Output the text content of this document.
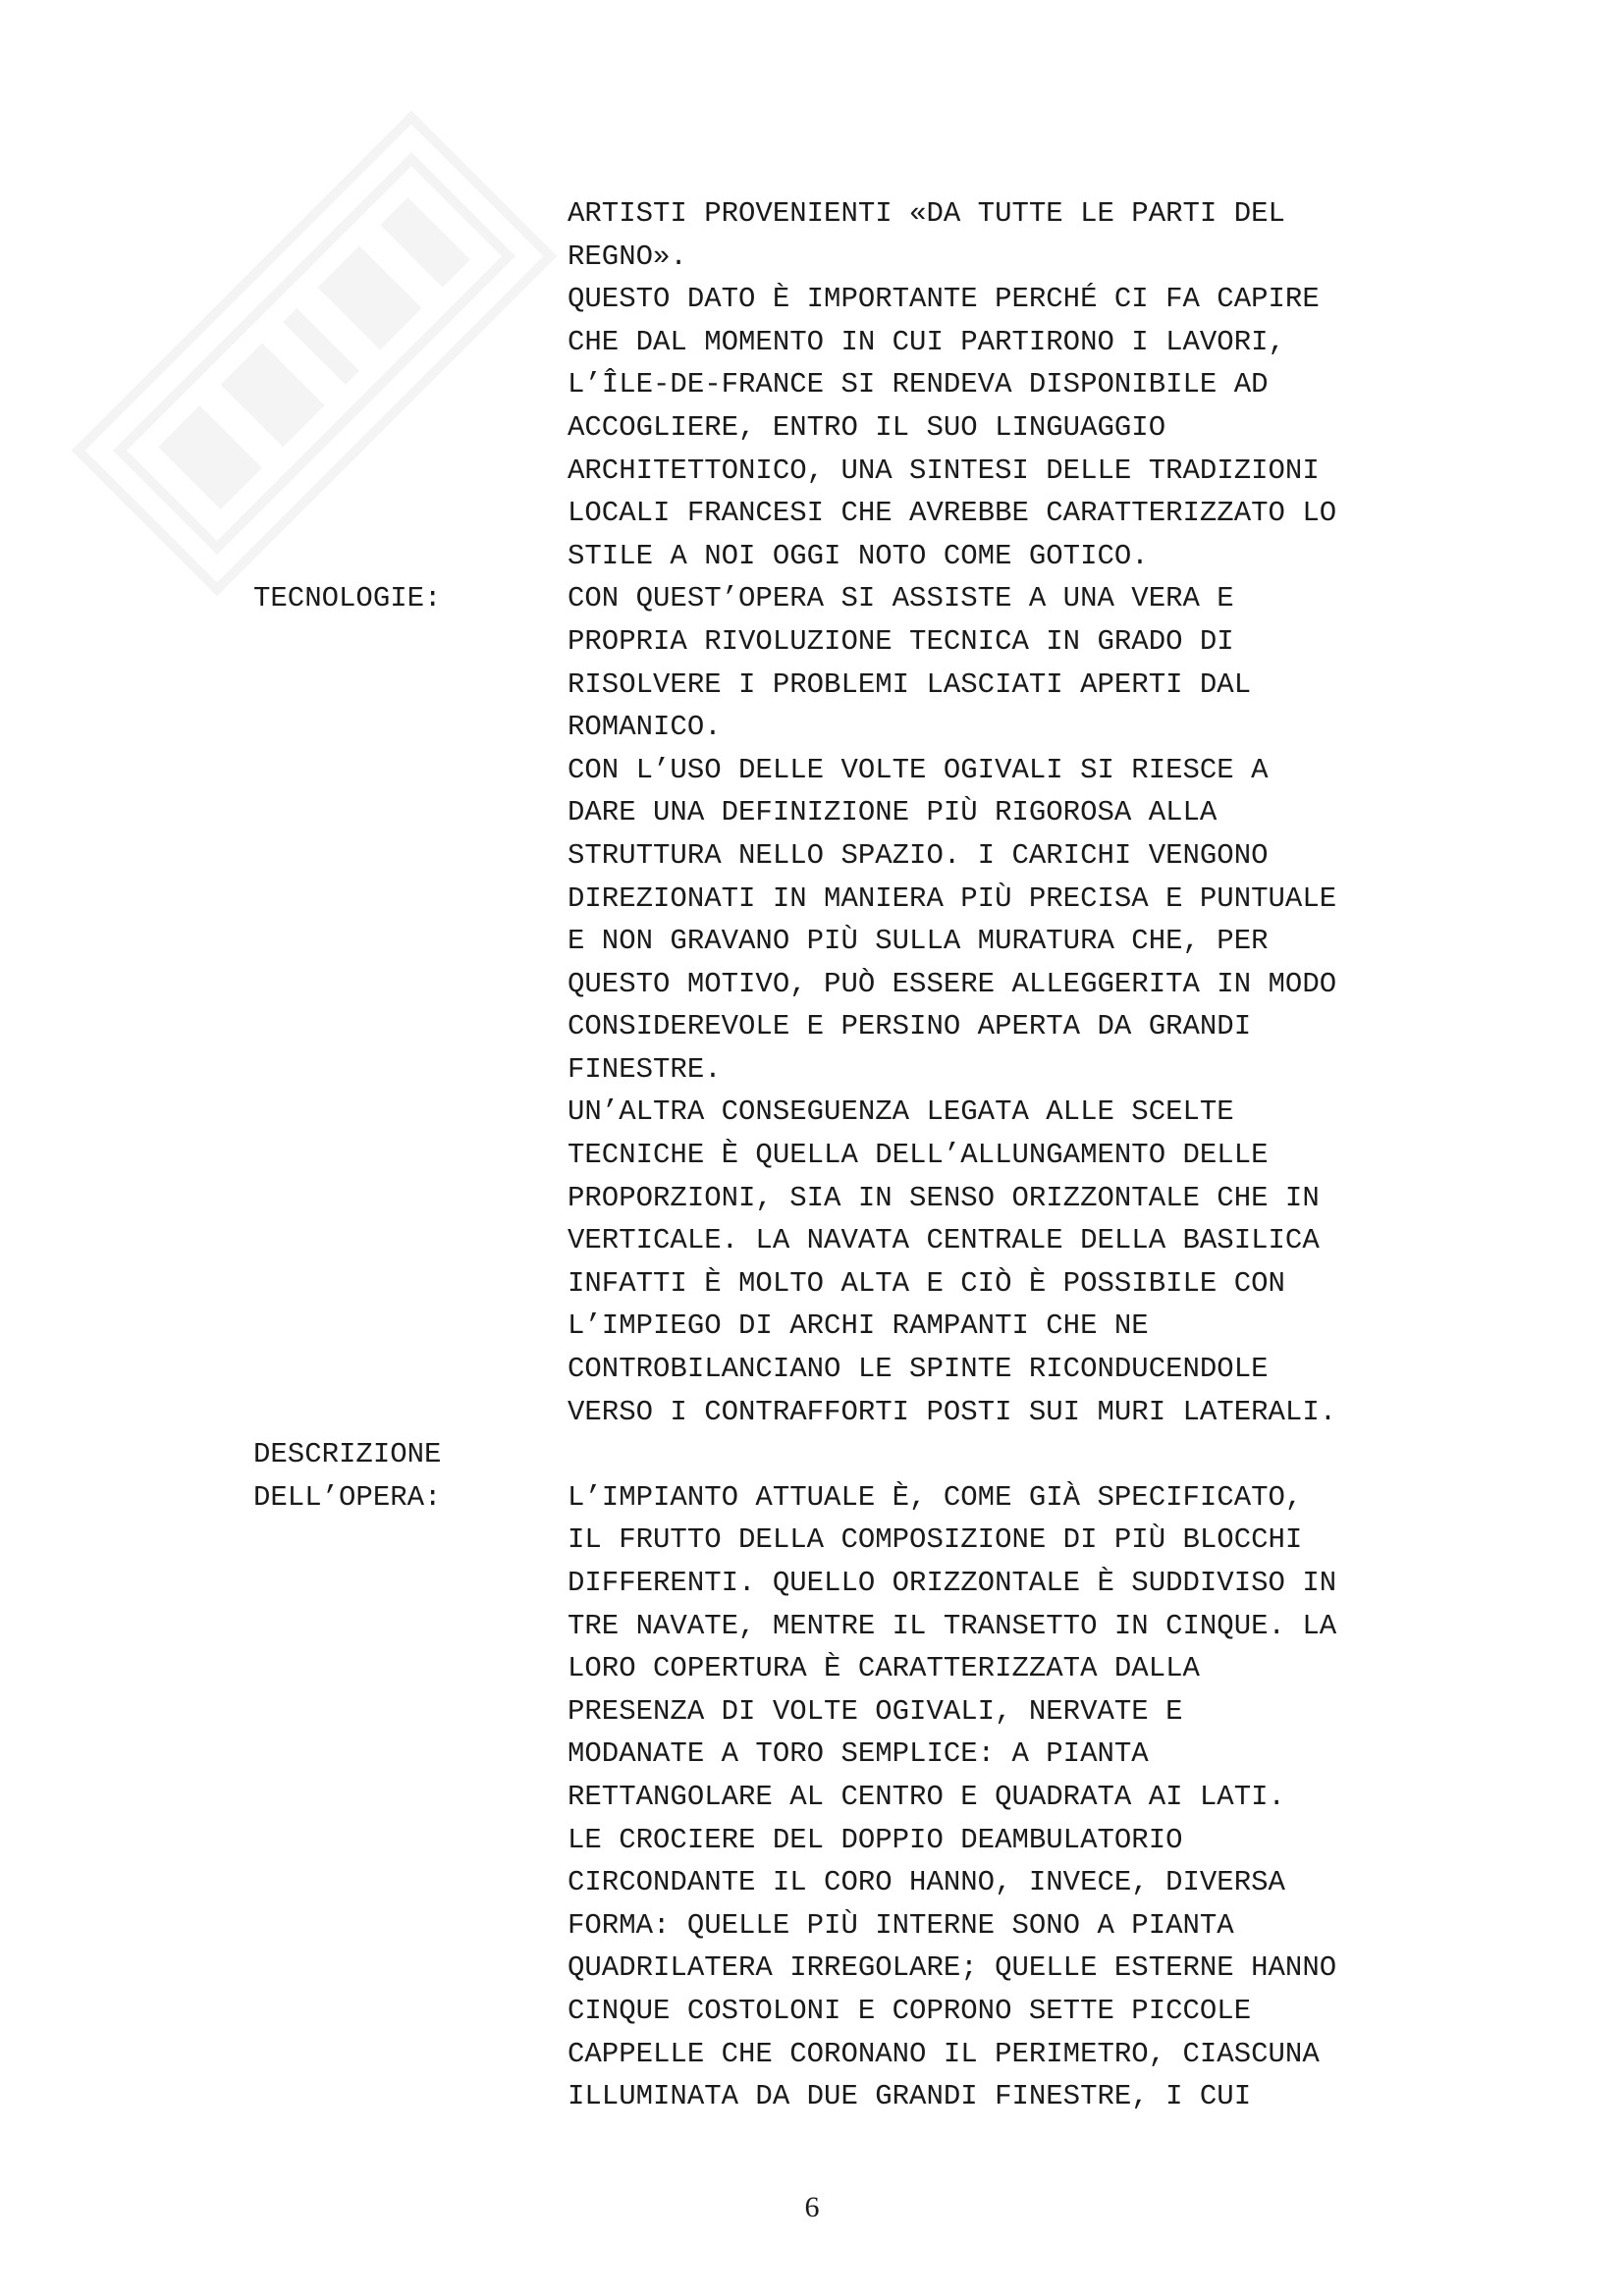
ARTISTI PROVENIENTI «DA TUTTE LE PARTI DEL
REGNO».
QUESTO DATO È IMPORTANTE PERCHÉ CI FA CAPIRE
CHE DAL MOMENTO IN CUI PARTIRONO I LAVORI,
L’ÎLE-DE-FRANCE SI RENDEVA DISPONIBILE AD
ACCOGLIERE, ENTRO IL SUO LINGUAGGIO
ARCHITETTONICO, UNA SINTESI DELLE TRADIZIONI
LOCALI FRANCESI CHE AVREBBE CARATTERIZZATO LO
STILE A NOI OGGI NOTO COME GOTICO.
TECNOLOGIE:	CON QUEST’OPERA SI ASSISTE A UNA VERA E
PROPRIA RIVOLUZIONE TECNICA IN GRADO DI
RISOLVERE I PROBLEMI LASCIATI APERTI DAL
ROMANICO.
CON L’USO DELLE VOLTE OGIVALI SI RIESCE A
DARE UNA DEFINIZIONE PIÙ RIGOROSA ALLA
STRUTTURA NELLO SPAZIO. I CARICHI VENGONO
DIREZIONATI IN MANIERA PIÙ PRECISA E PUNTUALE
E NON GRAVANO PIÙ SULLA MURATURA CHE, PER
QUESTO MOTIVO, PUÒ ESSERE ALLEGGERITA IN MODO
CONSIDEREVOLE E PERSINO APERTA DA GRANDI
FINESTRE.
UN’ALTRA CONSEGUENZA LEGATA ALLE SCELTE
TECNICHE È QUELLA DELL’ALLUNGAMENTO DELLE
PROPORZIONI, SIA IN SENSO ORIZZONTALE CHE IN
VERTICALE. LA NAVATA CENTRALE DELLA BASILICA
INFATTI È MOLTO ALTA E CIÒ È POSSIBILE CON
L’IMPIEGO DI ARCHI RAMPANTI CHE NE
CONTROBILANCIANO LE SPINTE RICONDUCENDOLE
VERSO I CONTRAFFORTI POSTI SUI MURI LATERALI.
DESCRIZIONE
DELL’OPERA:	L’IMPIANTO ATTUALE È, COME GIÀ SPECIFICATO,
IL FRUTTO DELLA COMPOSIZIONE DI PIÙ BLOCCHI
DIFFERENTI. QUELLO ORIZZONTALE È SUDDIVISO IN
TRE NAVATE, MENTRE IL TRANSETTO IN CINQUE. LA
LORO COPERTURA È CARATTERIZZATA DALLA
PRESENZA DI VOLTE OGIVALI, NERVATE E
MODANATE A TORO SEMPLICE: A PIANTA
RETTANGOLARE AL CENTRO E QUADRATA AI LATI.
LE CROCIERE DEL DOPPIO DEAMBULATORIO
CIRCONDANTE IL CORO HANNO, INVECE, DIVERSA
FORMA: QUELLE PIÙ INTERNE SONO A PIANTA
QUADRILATERA IRREGOLARE; QUELLE ESTERNE HANNO
CINQUE COSTOLONI E COPRONO SETTE PICCOLE
CAPPELLE CHE CORONANO IL PERIMETRO, CIASCUNA
ILLUMINATA DA DUE GRANDI FINESTRE, I CUI
6
